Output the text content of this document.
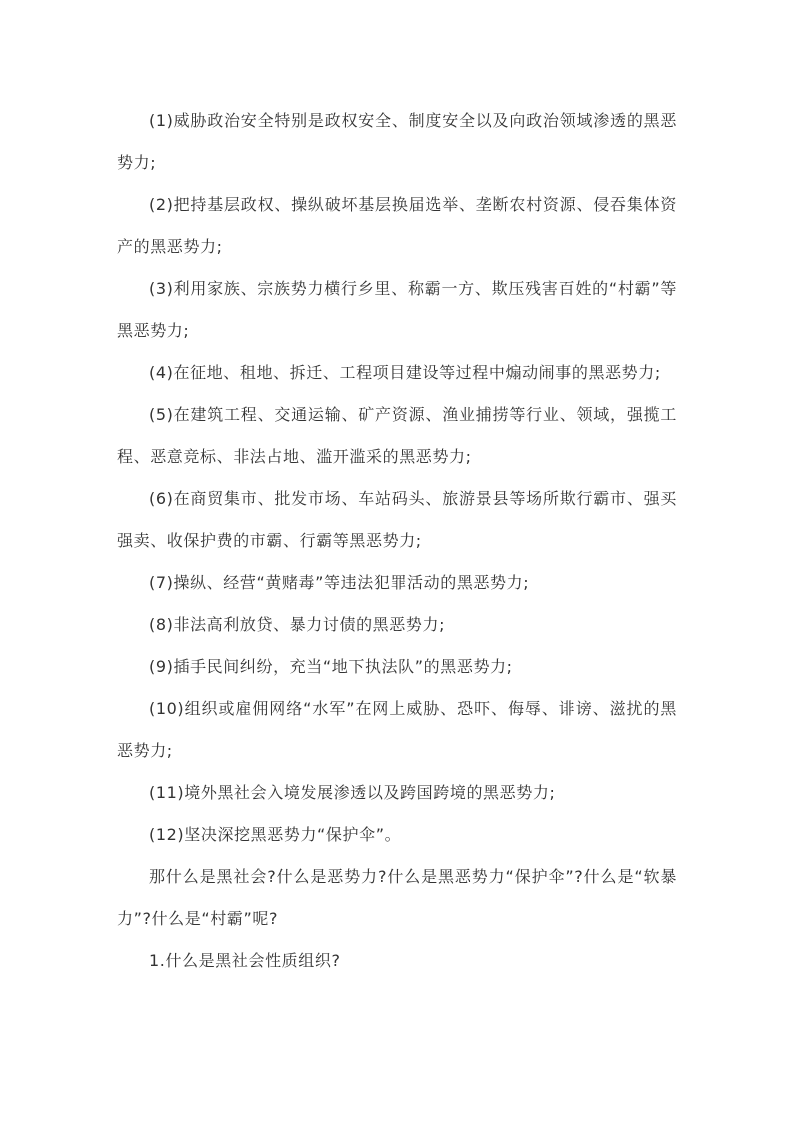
(1)威胁政治安全特别是政权安全、制度安全以及向政治领域渗透的黑恶势力;

(2)把持基层政权、操纵破坏基层换届选举、垄断农村资源、侵吞集体资产的黑恶势力;

(3)利用家族、宗族势力横行乡里、称霸一方、欺压残害百姓的“村霸”等黑恶势力;

(4)在征地、租地、拆迁、工程项目建设等过程中煽动闹事的黑恶势力;

(5)在建筑工程、交通运输、矿产资源、渔业捕捞等行业、领域，强揽工程、恶意竞标、非法占地、滥开滥采的黑恶势力;

(6)在商贸集市、批发市场、车站码头、旅游景县等场所欺行霸市、强买强卖、收保护费的市霸、行霸等黑恶势力;

(7)操纵、经营“黄赌毒”等违法犯罪活动的黑恶势力;

(8)非法高利放贷、暴力讨债的黑恶势力;

(9)插手民间纠纷，充当“地下执法队”的黑恶势力;

(10)组织或雇佣网络“水军”在网上威胁、恐吓、侮辱、诽谤、滋扰的黑恶势力;

(11)境外黑社会入境发展渗透以及跨国跨境的黑恶势力;

(12)坚决深挖黑恶势力“保护伞”。

那什么是黑社会?什么是恶势力?什么是黑恶势力“保护伞”?什么是“软暴力”?什么是“村霸”呢?

1.什么是黑社会性质组织?
